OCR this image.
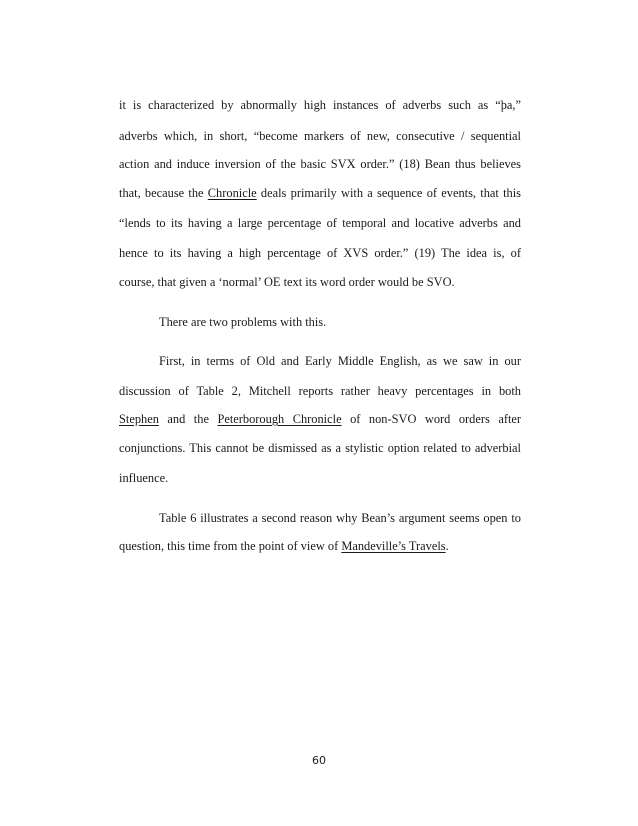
it is characterized by abnormally high instances of adverbs such as “þa,”
adverbs which, in short, “become markers of new, consecutive / sequential
action and induce inversion of the basic SVX order.” (18) Bean thus believes
that, because the Chronicle deals primarily with a sequence of events, that this
“lends to its having a large percentage of temporal and locative adverbs and
hence to its having a high percentage of XVS order.” (19) The idea is, of
course, that given a ‘normal’ OE text its word order would be SVO.
There are two problems with this.
First, in terms of Old and Early Middle English, as we saw in our
discussion of Table 2, Mitchell reports rather heavy percentages in both
Stephen and the Peterborough Chronicle of non-SVO word orders after
conjunctions. This cannot be dismissed as a stylistic option related to adverbial
influence.
Table 6 illustrates a second reason why Bean’s argument seems open to
question, this time from the point of view of Mandeville’s Travels.
60
